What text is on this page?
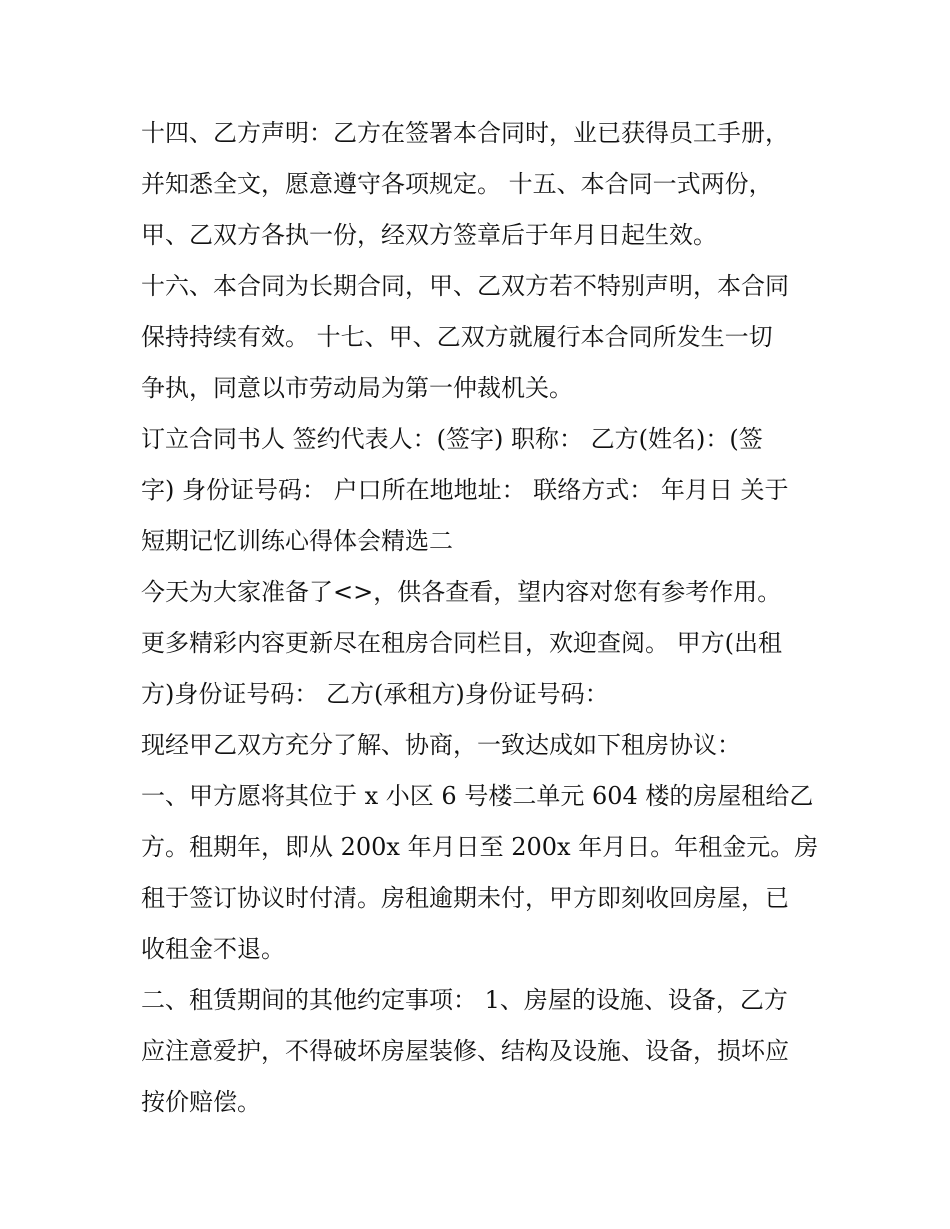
十四、乙方声明：乙方在签署本合同时，业已获得员工手册，
并知悉全文，愿意遵守各项规定。 十五、本合同一式两份，
甲、乙双方各执一份，经双方签章后于年月日起生效。
十六、本合同为长期合同，甲、乙双方若不特别声明，本合同
保持持续有效。 十七、甲、乙双方就履行本合同所发生一切
争执，同意以市劳动局为第一仲裁机关。
订立合同书人 签约代表人：(签字) 职称： 乙方(姓名)：(签
字) 身份证号码： 户口所在地地址： 联络方式： 年月日 关于
短期记忆训练心得体会精选二
今天为大家准备了<>，供各查看，望内容对您有参考作用。
更多精彩内容更新尽在租房合同栏目，欢迎查阅。 甲方(出租
方)身份证号码： 乙方(承租方)身份证号码：
现经甲乙双方充分了解、协商，一致达成如下租房协议：
一、甲方愿将其位于 x 小区 6 号楼二单元 604 楼的房屋租给乙
方。租期年，即从 200x 年月日至 200x 年月日。年租金元。房
租于签订协议时付清。房租逾期未付，甲方即刻收回房屋，已
收租金不退。
二、租赁期间的其他约定事项： 1、房屋的设施、设备，乙方
应注意爱护，不得破坏房屋装修、结构及设施、设备，损坏应
按价赔偿。
